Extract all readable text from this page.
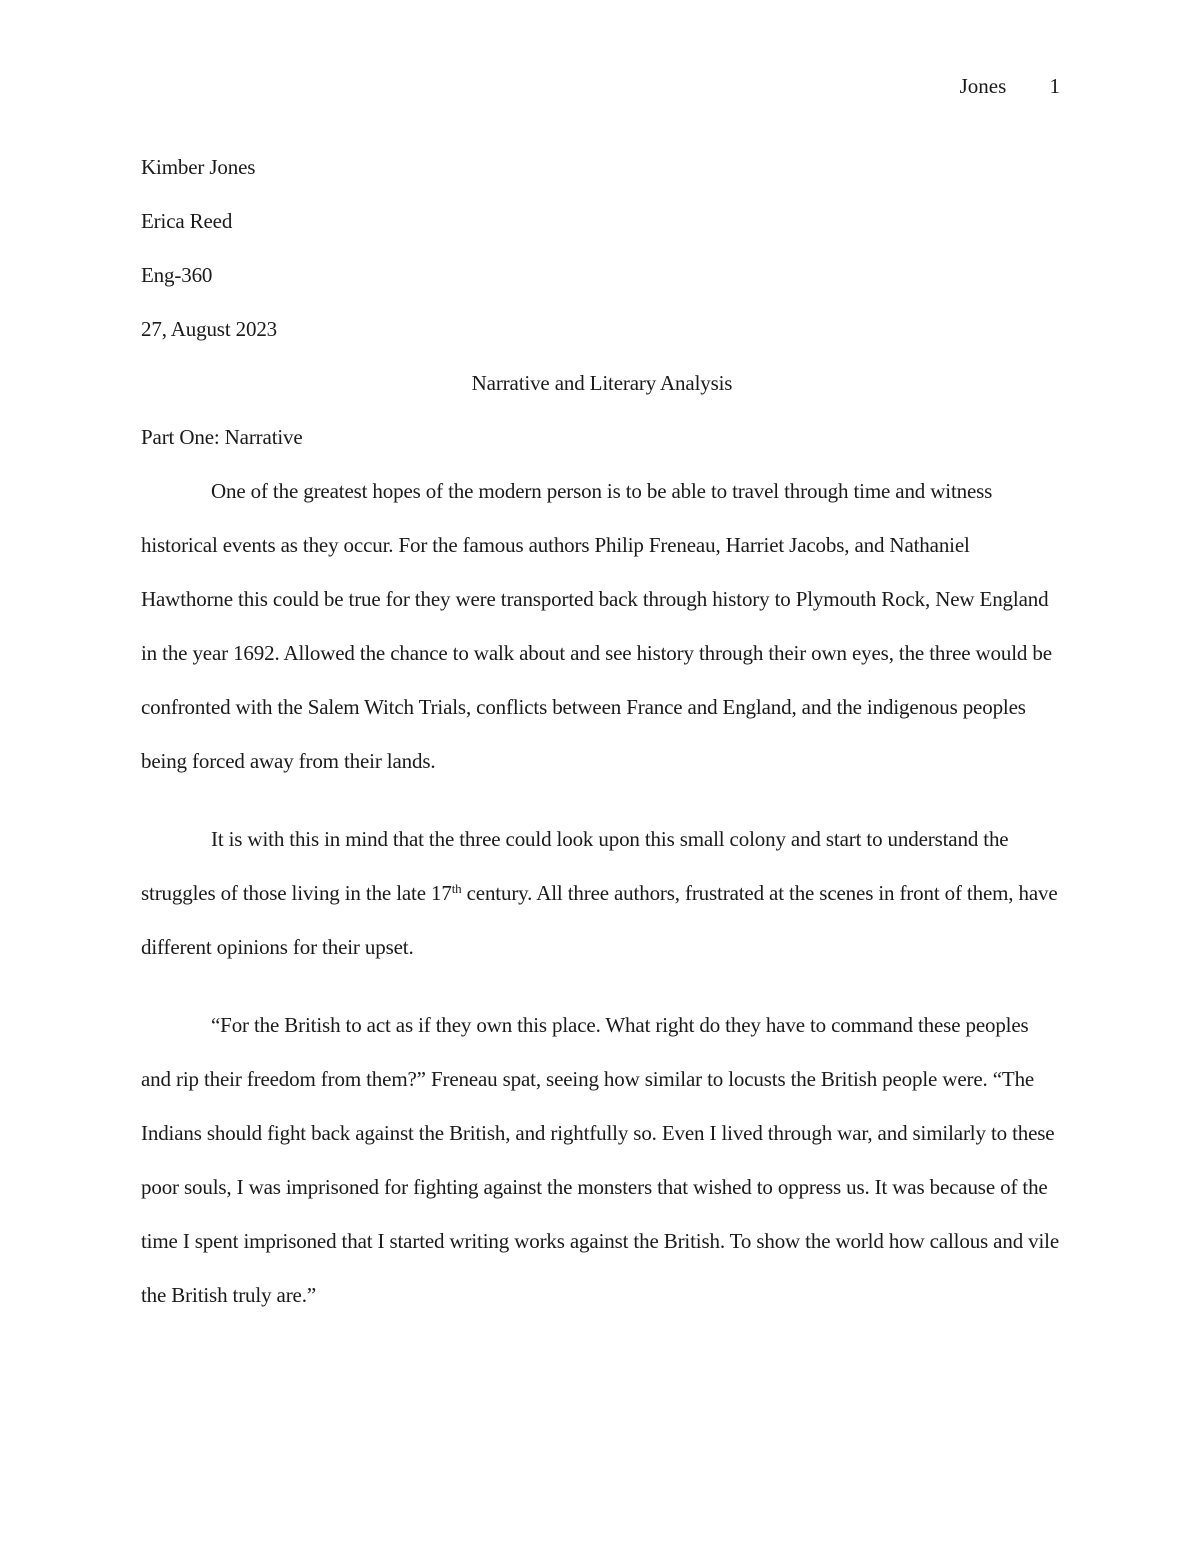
Jones 1

Kimber Jones

Erica Reed

Eng-360

27, August 2023

Narrative and Literary Analysis

Part One: Narrative

One of the greatest hopes of the modern person is to be able to travel through time and witness historical events as they occur. For the famous authors Philip Freneau, Harriet Jacobs, and Nathaniel Hawthorne this could be true for they were transported back through history to Plymouth Rock, New England in the year 1692. Allowed the chance to walk about and see history through their own eyes, the three would be confronted with the Salem Witch Trials, conflicts between France and England, and the indigenous peoples being forced away from their lands.

It is with this in mind that the three could look upon this small colony and start to understand the struggles of those living in the late 17th century. All three authors, frustrated at the scenes in front of them, have different opinions for their upset.

“For the British to act as if they own this place. What right do they have to command these peoples and rip their freedom from them?” Freneau spat, seeing how similar to locusts the British people were. “The Indians should fight back against the British, and rightfully so. Even I lived through war, and similarly to these poor souls, I was imprisoned for fighting against the monsters that wished to oppress us. It was because of the time I spent imprisoned that I started writing works against the British. To show the world how callous and vile the British truly are.”
